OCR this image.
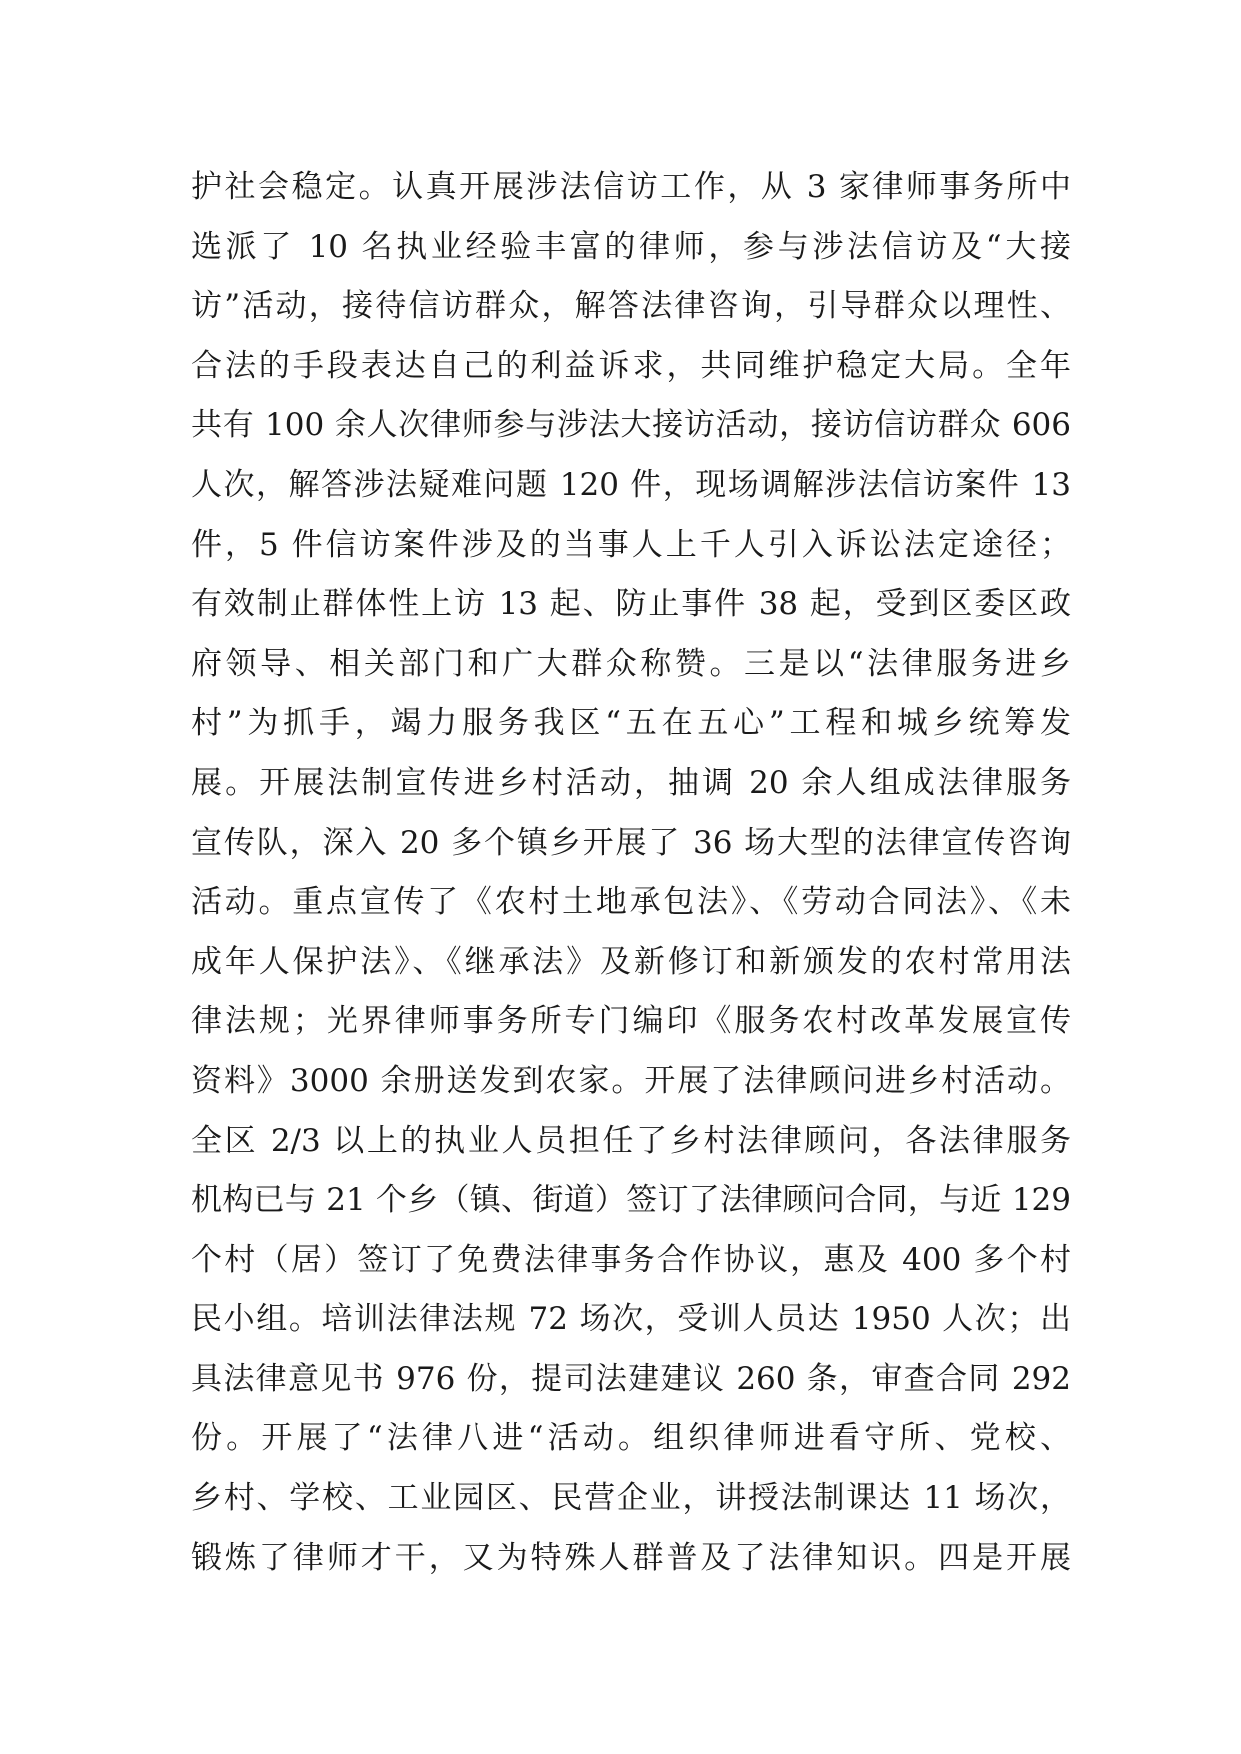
护社会稳定。认真开展涉法信访工作，从 3 家律师事务所中
选派了 10 名执业经验丰富的律师，参与涉法信访及“大接
访”活动，接待信访群众，解答法律咨询，引导群众以理性、
合法的手段表达自己的利益诉求，共同维护稳定大局。全年
共有 100 余人次律师参与涉法大接访活动，接访信访群众 606
人次，解答涉法疑难问题 120 件，现场调解涉法信访案件 13
件，5 件信访案件涉及的当事人上千人引入诉讼法定途径；
有效制止群体性上访 13 起、防止事件 38 起，受到区委区政
府领导、相关部门和广大群众称赞。三是以“法律服务进乡
村”为抓手，竭力服务我区“五在五心”工程和城乡统筹发
展。开展法制宣传进乡村活动，抽调 20 余人组成法律服务
宣传队，深入 20 多个镇乡开展了 36 场大型的法律宣传咨询
活动。重点宣传了《农村土地承包法》、《劳动合同法》、《未
成年人保护法》、《继承法》及新修订和新颁发的农村常用法
律法规；光界律师事务所专门编印《服务农村改革发展宣传
资料》3000 余册送发到农家。开展了法律顾问进乡村活动。
全区 2/3 以上的执业人员担任了乡村法律顾问，各法律服务
机构已与 21 个乡（镇、街道）签订了法律顾问合同，与近 129
个村（居）签订了免费法律事务合作协议，惠及 400 多个村
民小组。培训法律法规 72 场次，受训人员达 1950 人次；出
具法律意见书 976 份，提司法建建议 260 条，审查合同 292
份。开展了“法律八进“活动。组织律师进看守所、党校、
乡村、学校、工业园区、民营企业，讲授法制课达 11 场次，
锻炼了律师才干，又为特殊人群普及了法律知识。四是开展
